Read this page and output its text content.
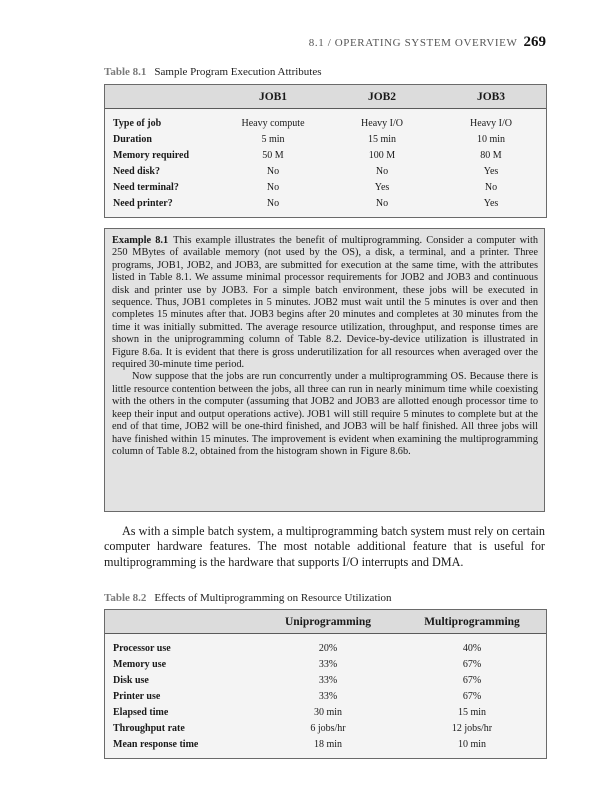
8.1 / OPERATING SYSTEM OVERVIEW 269
Table 8.1 Sample Program Execution Attributes
	JOB1	JOB2	JOB3

Type of job	Heavy compute	Heavy I/O	Heavy I/O
Duration	5 min	15 min	10 min
Memory required	50 M	100 M	80 M
Need disk?	No	No	Yes
Need terminal?	No	Yes	No
Need printer?	No	No	Yes

Example 8.1 This example illustrates the benefit of multiprogramming. Consider a computer with 250 MBytes of available memory (not used by the OS), a disk, a terminal, and a printer. Three programs, JOB1, JOB2, and JOB3, are submitted for execution at the same time, with the attributes listed in Table 8.1. We assume minimal processor requirements for JOB2 and JOB3 and continuous disk and printer use by JOB3. For a simple batch environment, these jobs will be executed in sequence. Thus, JOB1 completes in 5 minutes. JOB2 must wait until the 5 minutes is over and then completes 15 minutes after that. JOB3 begins after 20 minutes and completes at 30 minutes from the time it was initially submitted. The average resource utilization, throughput, and response times are shown in the uniprogramming column of Table 8.2. Device-by-device utilization is illustrated in Figure 8.6a. It is evident that there is gross underutilization for all resources when averaged over the required 30-minute time period.

Now suppose that the jobs are run concurrently under a multiprogramming OS. Because there is little resource contention between the jobs, all three can run in nearly minimum time while coexisting with the others in the computer (assuming that JOB2 and JOB3 are allotted enough processor time to keep their input and output operations active). JOB1 will still require 5 minutes to complete but at the end of that time, JOB2 will be one-third finished, and JOB3 will be half finished. All three jobs will have finished within 15 minutes. The improvement is evident when examining the multiprogramming column of Table 8.2, obtained from the histogram shown in Figure 8.6b.

As with a simple batch system, a multiprogramming batch system must rely on certain computer hardware features. The most notable additional feature that is useful for multiprogramming is the hardware that supports I/O interrupts and DMA.

Table 8.2 Effects of Multiprogramming on Resource Utilization
	Uniprogramming	Multiprogramming

Processor use	20%	40%
Memory use	33%	67%
Disk use	33%	67%
Printer use	33%	67%
Elapsed time	30 min	15 min
Throughput rate	6 jobs/hr	12 jobs/hr
Mean response time	18 min	10 min
